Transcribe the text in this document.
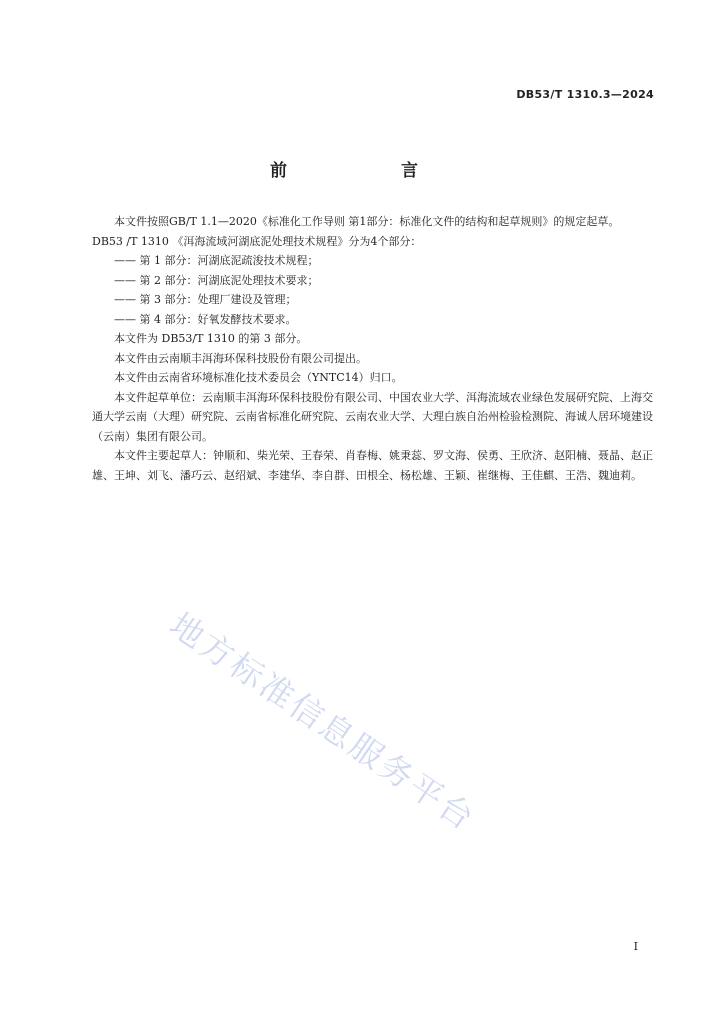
DB53/T 1310.3—2024
前 言

本文件按照GB/T 1.1—2020《标准化工作导则 第1部分：标准化文件的结构和起草规则》的规定起草。

DB53 /T 1310 《洱海流域河湖底泥处理技术规程》分为4个部分：

—— 第 1 部分：河湖底泥疏浚技术规程；

—— 第 2 部分：河湖底泥处理技术要求；

—— 第 3 部分：处理厂建设及管理；

—— 第 4 部分：好氧发酵技术要求。

本文件为 DB53/T 1310 的第 3 部分。

本文件由云南顺丰洱海环保科技股份有限公司提出。

本文件由云南省环境标准化技术委员会（YNTC14）归口。

本文件起草单位：云南顺丰洱海环保科技股份有限公司、中国农业大学、洱海流域农业绿色发展研究院、上海交通大学云南（大理）研究院、云南省标准化研究院、云南农业大学、大理白族自治州检验检测院、海诚人居环境建设（云南）集团有限公司。

本文件主要起草人：钟顺和、柴光荣、王春荣、肖春梅、姚秉蕊、罗文海、侯勇、王欣济、赵阳楠、聂晶、赵正雄、王坤、刘飞、潘巧云、赵绍斌、李建华、李自群、田根全、杨松雄、王颖、崔继梅、王佳麒、王浩、魏迪莉。

地方标准信息服务平台
I
